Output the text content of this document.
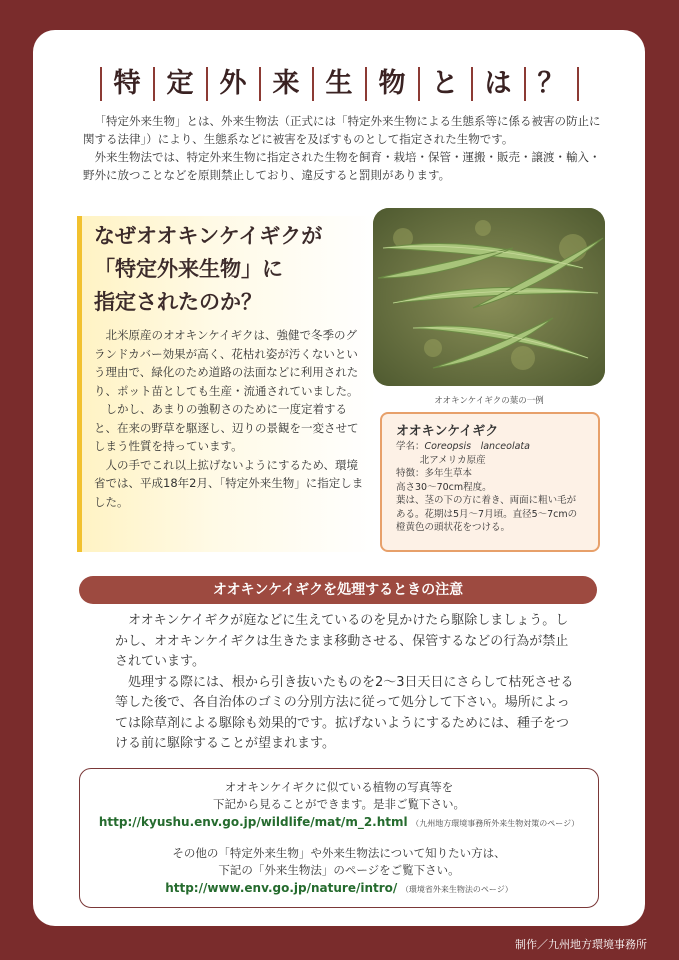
特 定 外 来 生 物 と は ？

「特定外来生物」とは、外来生物法（正式には「特定外来生物による生態系等に係る被害の防止に関する法律」）により、生態系などに被害を及ぼすものとして指定された生物です。

外来生物法では、特定外来生物に指定された生物を飼育・栽培・保管・運搬・販売・譲渡・輸入・野外に放つことなどを原則禁止しており、違反すると罰則があります。

なぜオオキンケイギクが
「特定外来生物」に
指定されたのか？

北米原産のオオキンケイギクは、強健で冬季のグランドカバー効果が高く、花枯れ姿が汚くないという理由で、緑化のため道路の法面などに利用されたり、ポット苗としても生産・流通されていました。

しかし、あまりの強靭さのために一度定着すると、在来の野草を駆逐し、辺りの景観を一変させてしまう性質を持っています。

人の手でこれ以上拡げないようにするため、環境省では、平成18年2月、「特定外来生物」に指定しました。

オオキンケイギクの葉の一例
オオキンケイギク
学名：Coreopsis　lanceolata
北アメリカ原産
特徴：多年生草本
高さ30～70cm程度。
葉は、茎の下の方に着き、両面に粗い毛が
ある。花期は5月～7月頃。直径5～7cmの
橙黄色の頭状花をつける。
オオキンケイギクを処理するときの注意

オオキンケイギクが庭などに生えているのを見かけたら駆除しましょう。しかし、オオキンケイギクは生きたまま移動させる、保管するなどの行為が禁止されています。

処理する際には、根から引き抜いたものを2～3日天日にさらして枯死させる等した後で、各自治体のゴミの分別方法に従って処分して下さい。場所によっては除草剤による駆除も効果的です。拡げないようにするためには、種子をつける前に駆除することが望まれます。

オオキンケイギクに似ている植物の写真等を
下記から見ることができます。是非ご覧下さい。
http://kyushu.env.go.jp/wildlife/mat/m_2.html （九州地方環境事務所外来生物対策のページ）
その他の「特定外来生物」や外来生物法について知りたい方は、
下記の「外来生物法」のページをご覧下さい。
http://www.env.go.jp/nature/intro/ （環境省外来生物法のページ）
制作／九州地方環境事務所
